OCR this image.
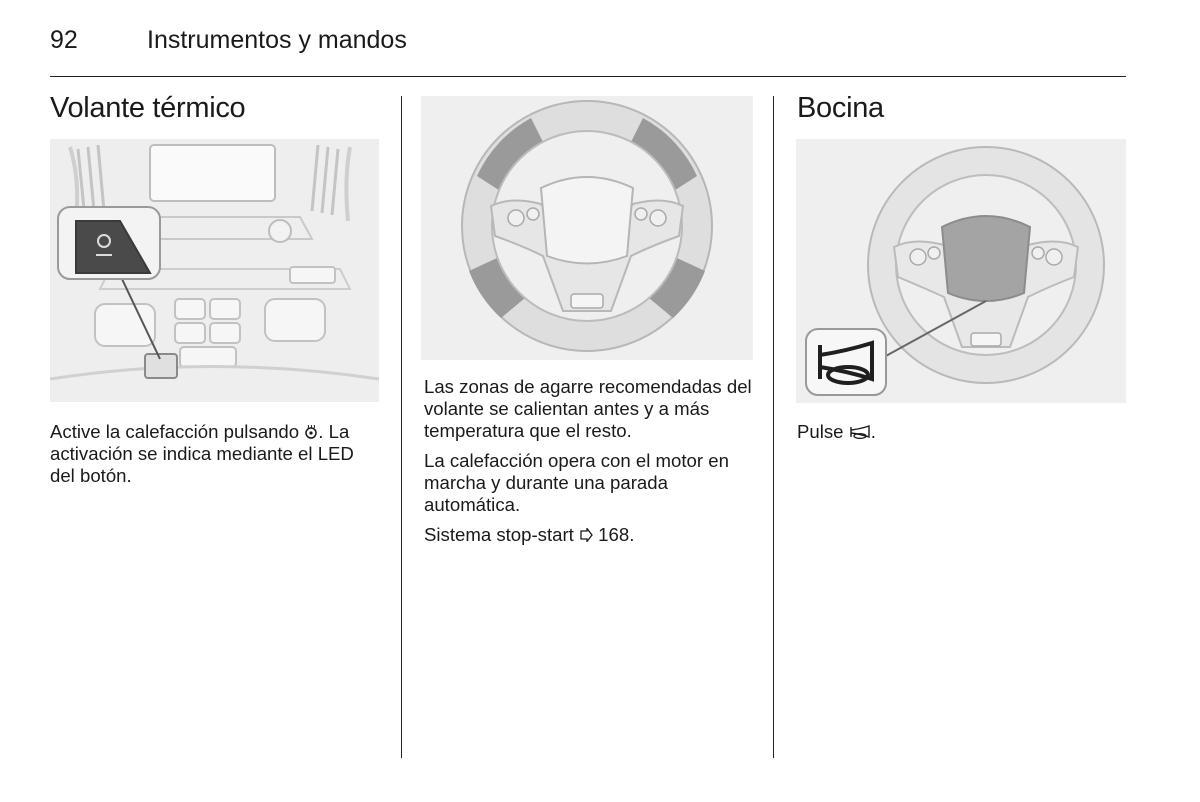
92	Instrumentos y mandos
Volante térmico

Active la calefacción pulsando . La activación se indica mediante el LED del botón.

Las zonas de agarre recomendadas del volante se calientan antes y a más temperatura que el resto.

La calefacción opera con el motor en marcha y durante una parada automática.

Sistema stop-start  168.

Bocina

Pulse .
